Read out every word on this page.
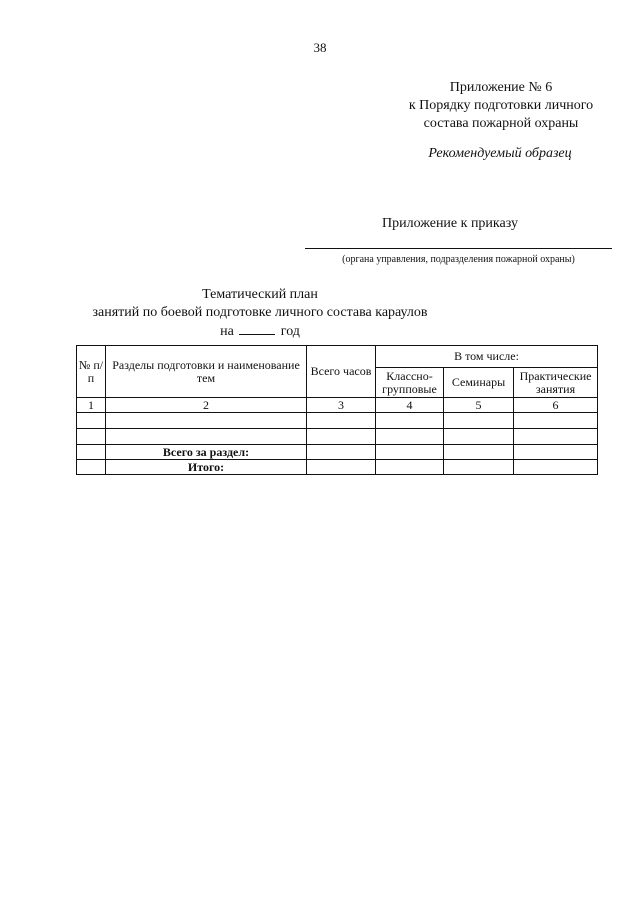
38
Приложение № 6
к Порядку подготовки личного
состава пожарной охраны
Рекомендуемый образец
Приложение к приказу
(органа управления, подразделения пожарной охраны)
Тематический план
занятий по боевой подготовке личного состава караулов
на	год
№ п/п	Разделы подготовки и наименование тем	Всего часов	В том числе:		
			Классно-групповые	Семинары	Практические занятия
1	2	3	4	5	6

	Всего за раздел:				
	Итого:				
